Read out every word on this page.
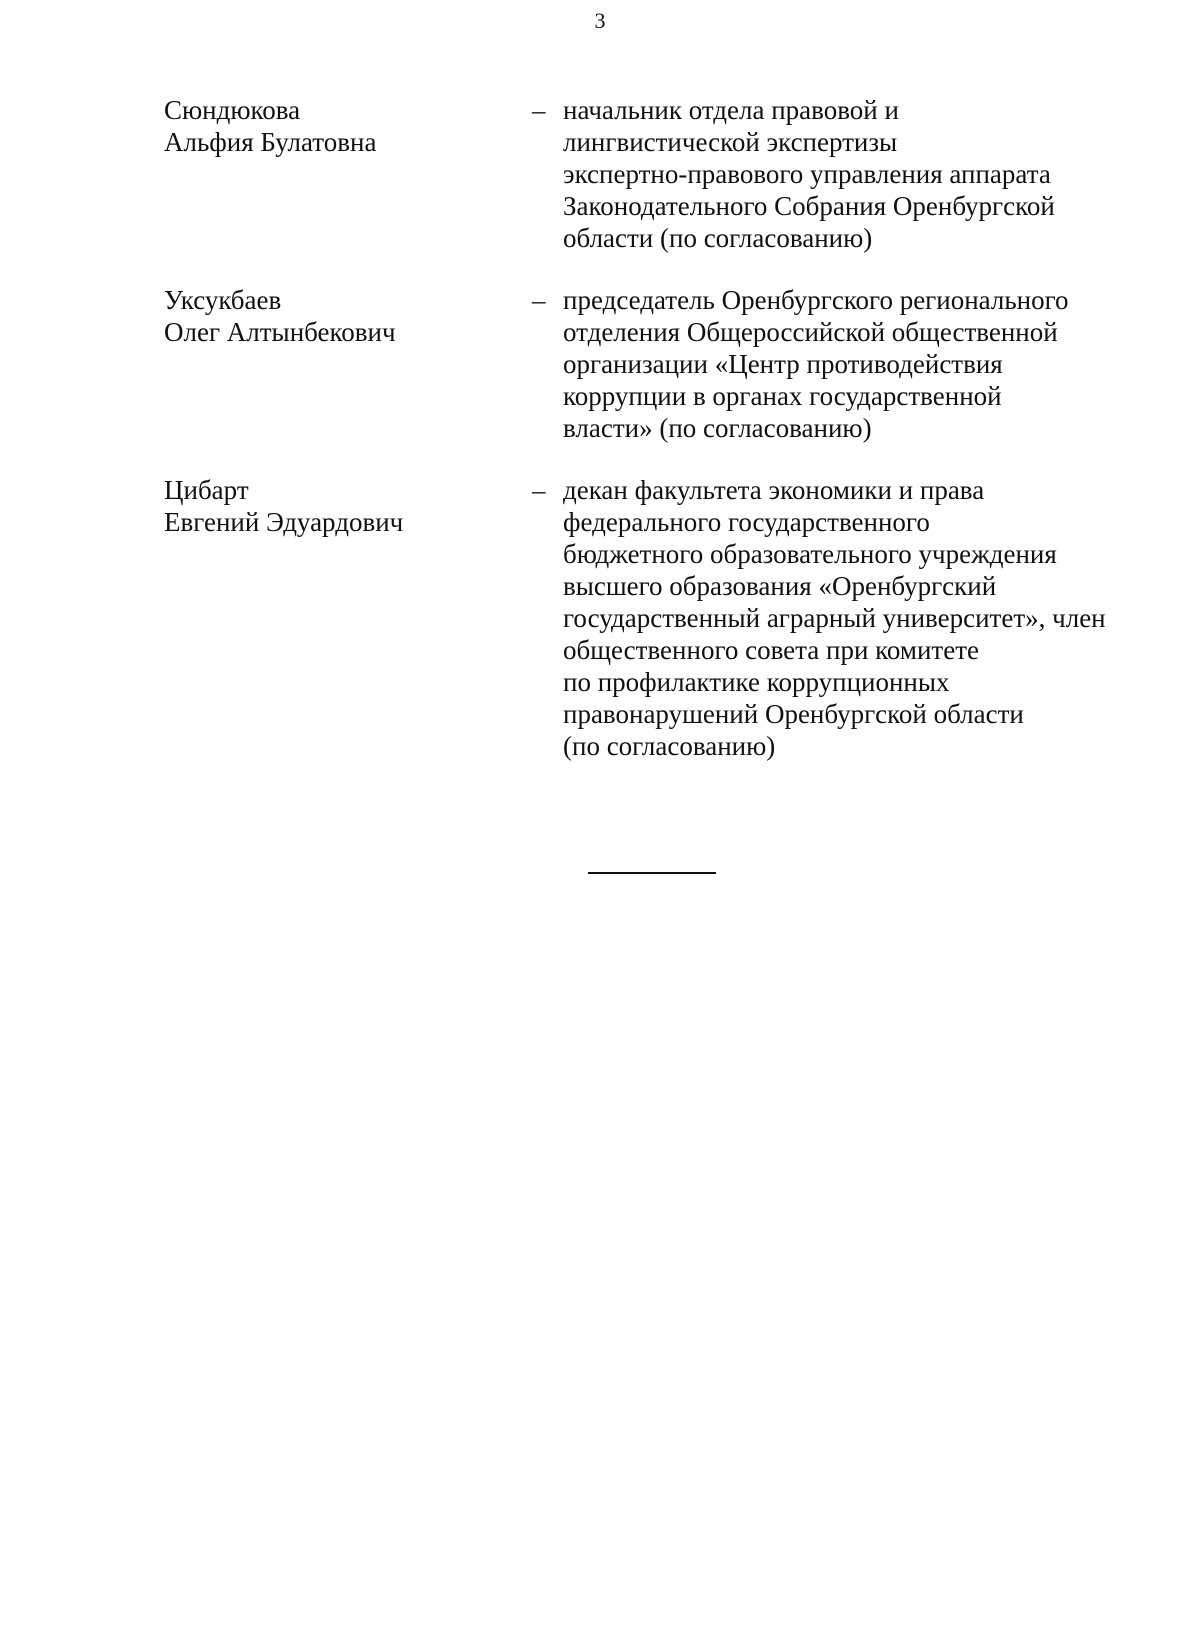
3
Сюндюкова
Альфия Булатовна
– начальник отдела правовой и
лингвистической экспертизы
экспертно-правового управления аппарата
Законодательного Собрания Оренбургской
области (по согласованию)
Уксукбаев
Олег Алтынбекович
– председатель Оренбургского регионального
отделения Общероссийской общественной
организации «Центр противодействия
коррупции в органах государственной
власти» (по согласованию)
Цибарт
Евгений Эдуардович
– декан факультета экономики и права
федерального государственного
бюджетного образовательного учреждения
высшего образования «Оренбургский
государственный аграрный университет», член
общественного совета при комитете
по профилактике коррупционных
правонарушений Оренбургской области
(по согласованию)
